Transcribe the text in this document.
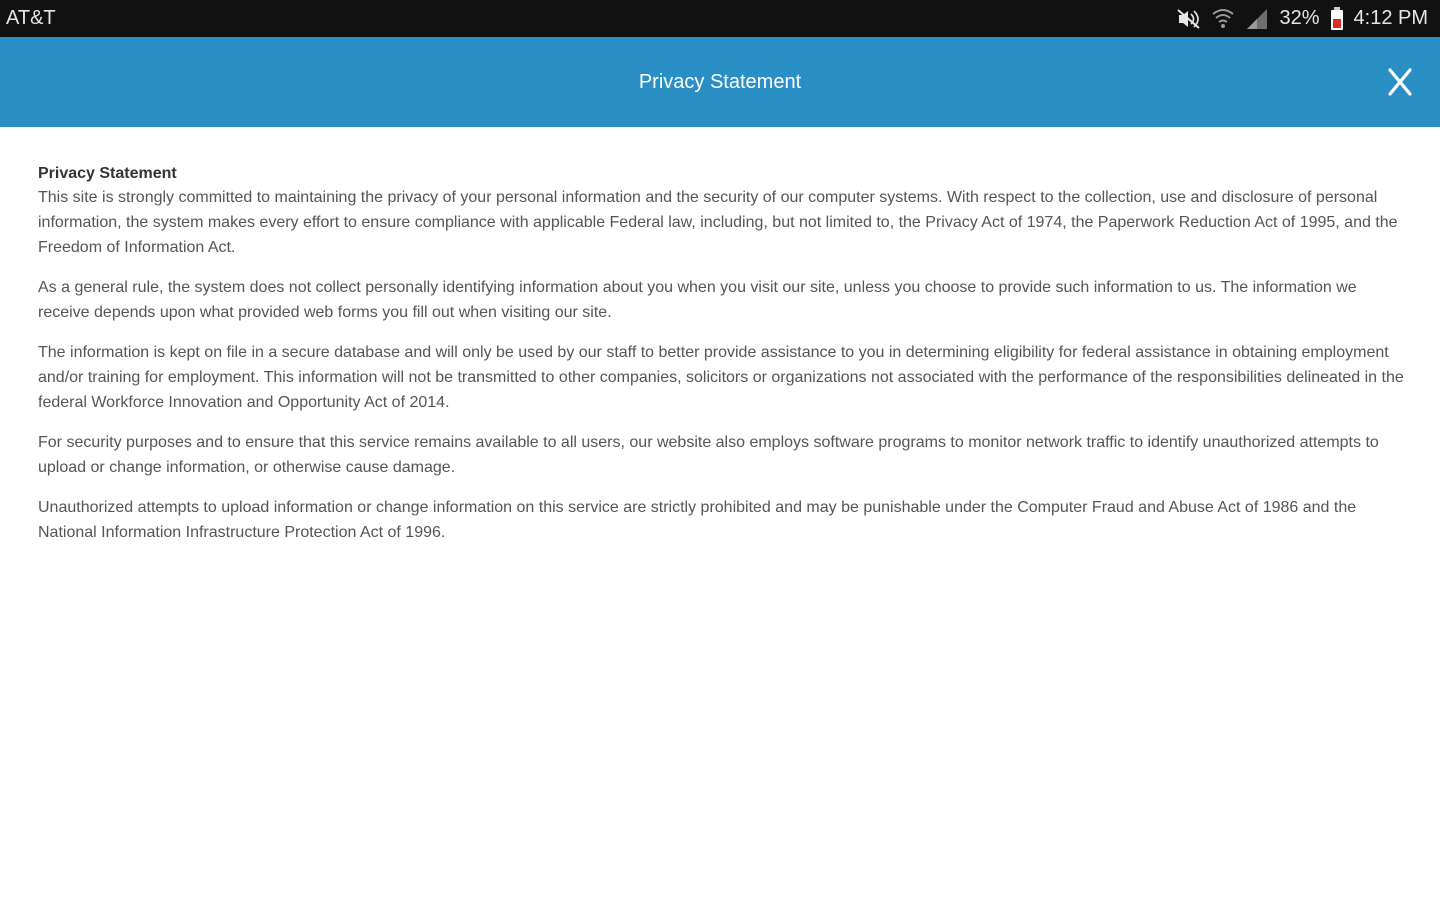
AT&T	32% 4:12 PM
Privacy Statement
Privacy Statement

This site is strongly committed to maintaining the privacy of your personal information and the security of our computer systems. With respect to the collection, use and disclosure of personal information, the system makes every effort to ensure compliance with applicable Federal law, including, but not limited to, the Privacy Act of 1974, the Paperwork Reduction Act of 1995, and the Freedom of Information Act.

As a general rule, the system does not collect personally identifying information about you when you visit our site, unless you choose to provide such information to us. The information we receive depends upon what provided web forms you fill out when visiting our site.

The information is kept on file in a secure database and will only be used by our staff to better provide assistance to you in determining eligibility for federal assistance in obtaining employment and/or training for employment. This information will not be transmitted to other companies, solicitors or organizations not associated with the performance of the responsibilities delineated in the federal Workforce Innovation and Opportunity Act of 2014.

For security purposes and to ensure that this service remains available to all users, our website also employs software programs to monitor network traffic to identify unauthorized attempts to upload or change information, or otherwise cause damage.

Unauthorized attempts to upload information or change information on this service are strictly prohibited and may be punishable under the Computer Fraud and Abuse Act of 1986 and the National Information Infrastructure Protection Act of 1996.
